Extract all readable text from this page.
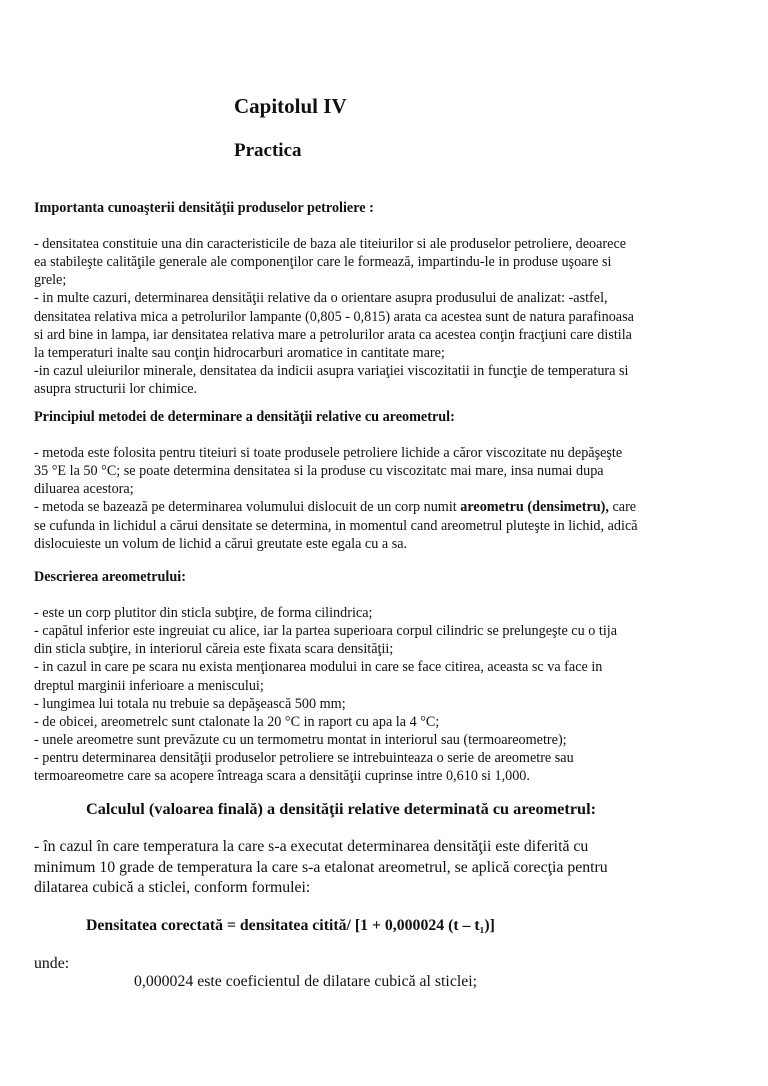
Capitolul IV
Practica
Importanta cunoaşterii densităţii produselor petroliere :
- densitatea constituie una din caracteristicile de baza ale titeiurilor si ale produselor petroliere, deoarece
ea stabileşte calităţile generale ale componenţilor care le formează, impartindu-le in produse uşoare si
grele;
- in multe cazuri, determinarea densităţii relative da o orientare asupra produsului de analizat: -astfel,
densitatea relativa mica a petrolurilor lampante (0,805 - 0,815) arata ca acestea sunt de natura parafinoasa
si ard bine in lampa, iar densitatea relativa mare a petrolurilor arata ca acestea conţin fracţiuni care distila
la temperaturi inalte sau conţin hidrocarburi aromatice in cantitate mare;
-in cazul uleiurilor minerale, densitatea da indicii asupra variaţiei viscozitatii in funcţie de temperatura si
asupra structurii lor chimice.
Principiul metodei de determinare a densităţii relative cu areometrul:
- metoda este folosita pentru titeiuri si toate produsele petroliere lichide a căror viscozitate nu depăşeşte
35 °E la 50 °C; se poate determina densitatea si la produse cu viscozitatc mai mare, insa numai dupa
diluarea acestora;
- metoda se bazează pe determinarea volumului dislocuit de un corp numit areometru (densimetru), care
se cufunda in lichidul a cărui densitate se determina, in momentul cand areometrul pluteşte in lichid, adică
dislocuieste un volum de lichid a cărui greutate este egala cu a sa.
Descrierea areometrului:
- este un corp plutitor din sticla subţire, de forma cilindrica;
- capătul inferior este ingreuiat cu alice, iar la partea superioara corpul cilindric se prelungeşte cu o tija
din sticla subţire, in interiorul căreia este fixata scara densităţii;
- in cazul in care pe scara nu exista menţionarea modului in care se face citirea, aceasta sc va face in
dreptul marginii inferioare a meniscului;
- lungimea lui totala nu trebuie sa depăşească 500 mm;
- de obicei, areometrelc sunt ctalonate la 20 °C in raport cu apa la 4 °C;
- unele areometre sunt prevăzute cu un termometru montat in interiorul sau (termoareometre);
- pentru determinarea densităţii produselor petroliere se intrebuinteaza o serie de areometre sau
termoareometre care sa acopere întreaga scara a densităţii cuprinse intre 0,610 si 1,000.
Calculul (valoarea finală) a densităţii relative determinată cu areometrul:
- în cazul în care temperatura la care s-a executat determinarea densităţii este diferită cu
minimum 10 grade de temperatura la care s-a etalonat areometrul, se aplică corecţia pentru
dilatarea cubică a sticlei, conform formulei:

Densitatea corectată = densitatea citită/ [1 + 0,000024 (t – t₁)]

unde:

0,000024 este coeficientul de dilatare cubică al sticlei;
